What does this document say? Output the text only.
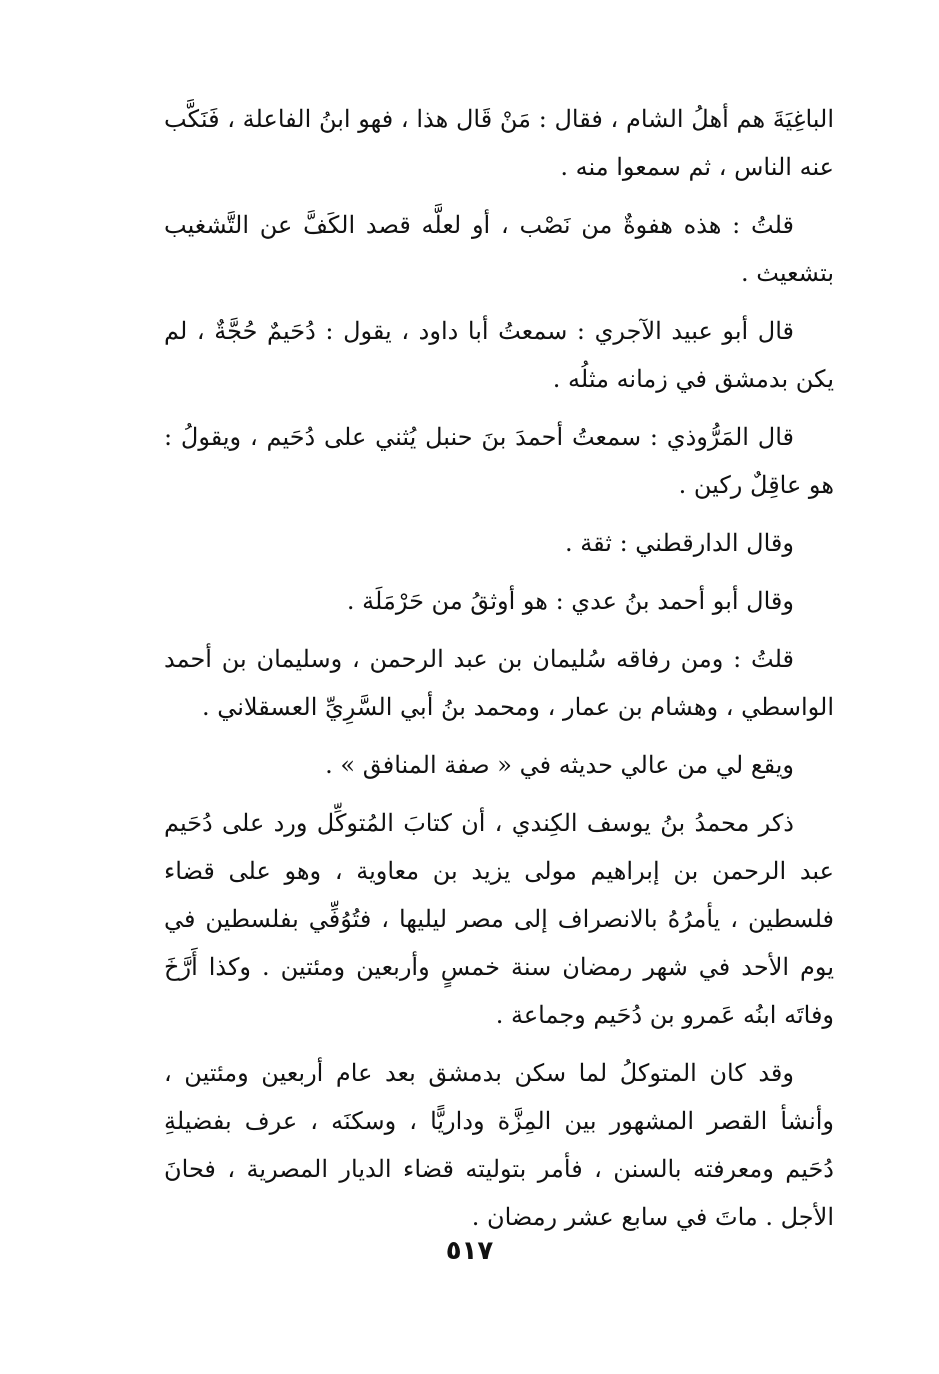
الباغِيَةَ هم أهلُ الشام ، فقال : مَنْ قَال هذا ، فهو ابنُ الفاعلة ، فَنَكَّب عنه الناس ، ثم سمعوا منه .

قلتُ : هذه هفوةٌ من نَصْب ، أو لعلَّه قصد الكَفَّ عن التَّشغيب بتشعيث .

قال أبو عبيد الآجري : سمعتُ أبا داود ، يقول : دُحَيمٌ حُجَّةٌ ، لم يكن بدمشق في زمانه مثلُه .

قال المَرُّوذي : سمعتُ أحمدَ بنَ حنبل يُثني على دُحَيم ، ويقولُ : هو عاقِلٌ ركين .

وقال الدارقطني : ثقة .

وقال أبو أحمد بنُ عدي : هو أوثقُ من حَرْمَلَة .

قلتُ : ومن رفاقه سُليمان بن عبد الرحمن ، وسليمان بن أحمد الواسطي ، وهشام بن عمار ، ومحمد بنُ أبي السَّرِيِّ العسقلاني .

ويقع لي من عالي حديثه في « صفة المنافق » .

ذكر محمدُ بنُ يوسف الكِندي ، أن كتابَ المُتوكِّل ورد على دُحَيم عبد الرحمن بن إبراهيم مولى يزيد بن معاوية ، وهو على قضاء فلسطين ، يأمرُهُ بالانصراف إلى مصر ليليها ، فتُوُفِّي بفلسطين في يوم الأحد في شهر رمضان سنة خمسٍ وأربعين ومئتين . وكذا أَرَّخَ وفاتَه ابنُه عَمرو بن دُحَيم وجماعة .

وقد كان المتوكلُ لما سكن بدمشق بعد عام أربعين ومئتين ، وأنشأ القصر المشهور بين المِزَّة وداريًّا ، وسكنَه ، عرف بفضيلةِ دُحَيم ومعرفته بالسنن ، فأمر بتوليته قضاء الديار المصرية ، فحانَ الأجل . ماتَ في سابع عشر رمضان .

٥١٧
